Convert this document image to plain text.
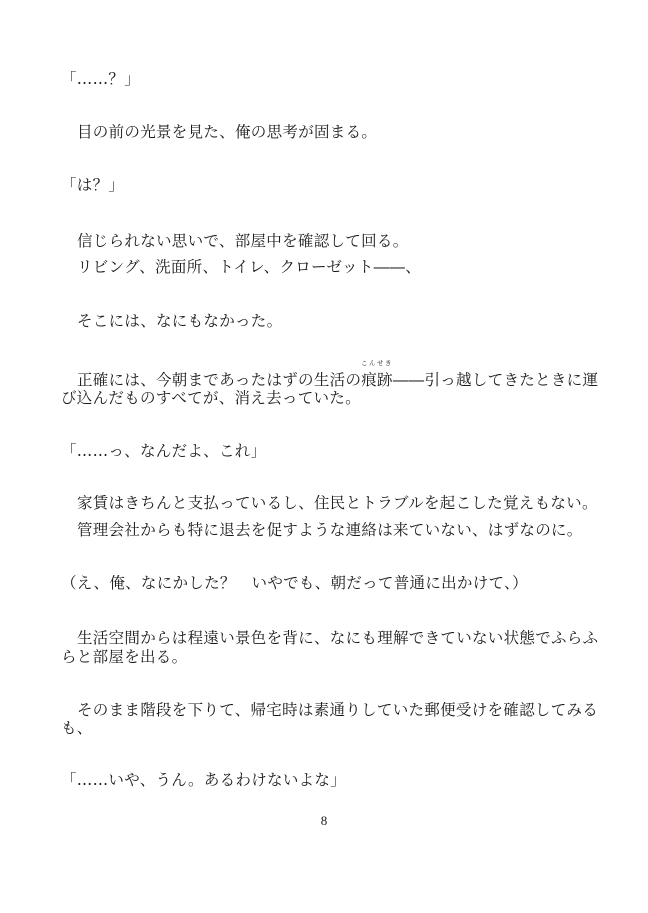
「……？」
目の前の光景を見た、俺の思考が固まる。
「は？」
信じられない思いで、部屋中を確認して回る。
リビング、洗面所、トイレ、クローゼット――、
そこには、なにもなかった。
正確には、今朝まであったはずの生活の痕跡
こんせき
――引っ越してきたときに運
び込んだものすべてが、消え去っていた。
「……っ、なんだよ、これ」
家賃はきちんと支払っているし、住民とトラブルを起こした覚えもない。
管理会社からも特に退去を促すような連絡は来ていない、はずなのに。
（え、俺、なにかした？　いやでも、朝だって普通に出かけて、）
生活空間からは程遠い景色を背に、なにも理解できていない状態でふらふ
らと部屋を出る。
そのまま階段を下りて、帰宅時は素通りしていた郵便受けを確認してみる
も、
「……いや、うん。あるわけないよな」
8
